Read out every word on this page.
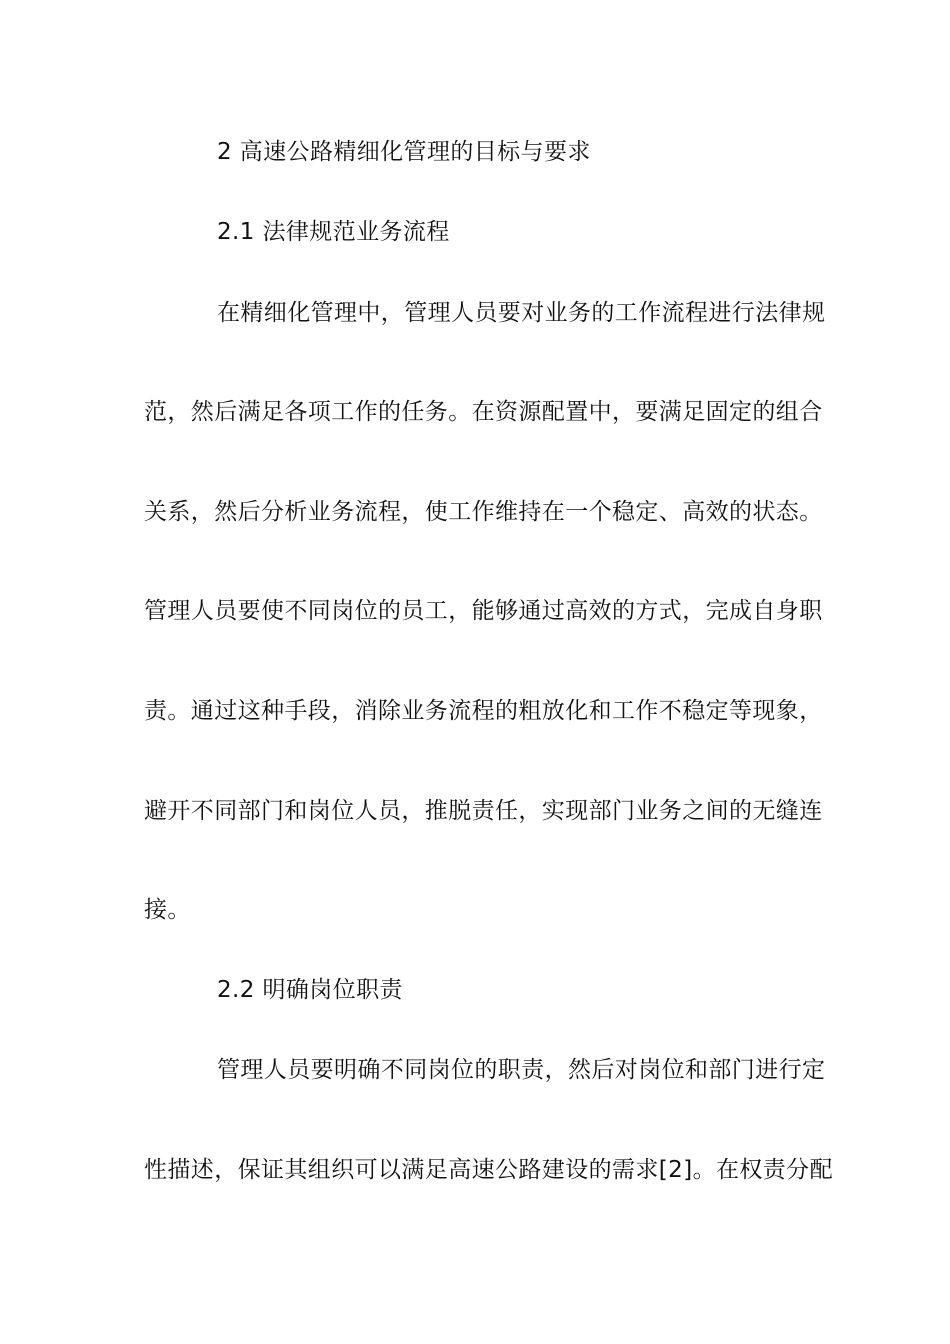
2 高速公路精细化管理的目标与要求
2.1 法律规范业务流程
在精细化管理中，管理人员要对业务的工作流程进行法律规
范，然后满足各项工作的任务。在资源配置中，要满足固定的组合
关系，然后分析业务流程，使工作维持在一个稳定、高效的状态。
管理人员要使不同岗位的员工，能够通过高效的方式，完成自身职
责。通过这种手段，消除业务流程的粗放化和工作不稳定等现象，
避开不同部门和岗位人员，推脱责任，实现部门业务之间的无缝连
接。
2.2 明确岗位职责
管理人员要明确不同岗位的职责，然后对岗位和部门进行定
性描述，保证其组织可以满足高速公路建设的需求[2]。在权责分配
